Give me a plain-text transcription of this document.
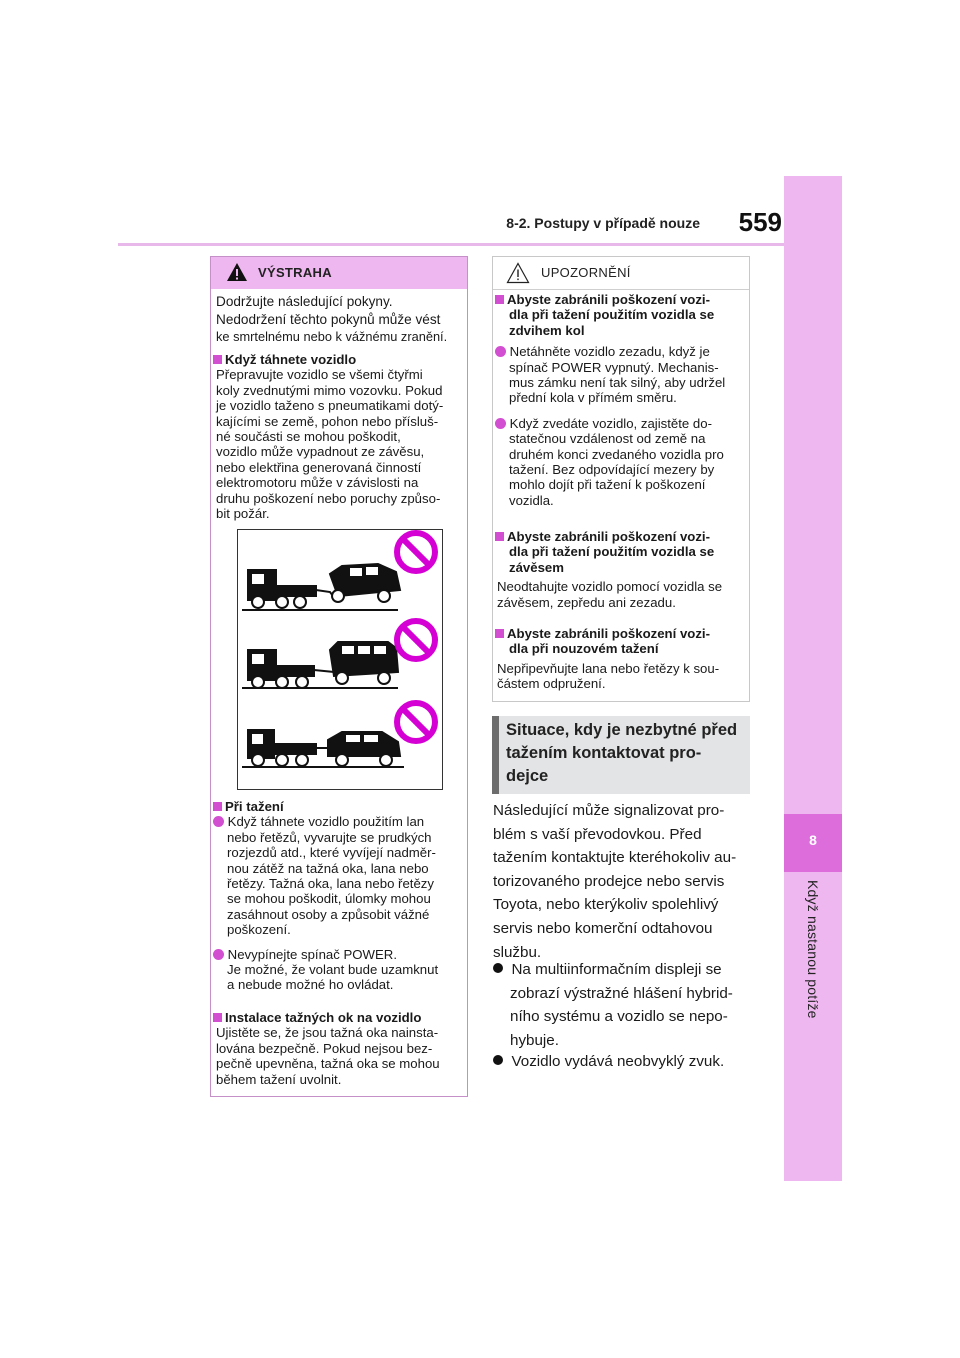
8-2. Postupy v případě nouze	559
8
Když nastanou potíže
VÝSTRAHA
Dodržujte následující pokyny.
Nedodržení těchto pokynů může vést
ke smrtelnému nebo k vážnému zranění.
Když táhnete vozidlo
Přepravujte vozidlo se všemi čtyřmi
koly zvednutými mimo vozovku. Pokud
je vozidlo taženo s pneumatikami dotý-
kajícími se země, pohon nebo přísluš-
né součásti se mohou poškodit,
vozidlo může vypadnout ze závěsu,
nebo elektřina generovaná činností
elektromotoru může v závislosti na
druhu poškození nebo poruchy způso-
bit požár.
Při tažení
Když táhnete vozidlo použitím lan
nebo řetězů, vyvarujte se prudkých
rozjezdů atd., které vyvíjejí nadměr-
nou zátěž na tažná oka, lana nebo
řetězy. Tažná oka, lana nebo řetězy
se mohou poškodit, úlomky mohou
zasáhnout osoby a způsobit vážné
poškození.
Nevypínejte spínač POWER.
Je možné, že volant bude uzamknut
a nebude možné ho ovládat.
Instalace tažných ok na vozidlo
Ujistěte se, že jsou tažná oka nainsta-
lována bezpečně. Pokud nejsou bez-
pečně upevněna, tažná oka se mohou
během tažení uvolnit.
UPOZORNĚNÍ
Abyste zabránili poškození vozi-
dla při tažení použitím vozidla se
zdvihem kol
Netáhněte vozidlo zezadu, když je
spínač POWER vypnutý. Mechanis-
mus zámku není tak silný, aby udržel
přední kola v přímém směru.
Když zvedáte vozidlo, zajistěte do-
statečnou vzdálenost od země na
druhém konci zvedaného vozidla pro
tažení. Bez odpovídající mezery by
mohlo dojít při tažení k poškození
vozidla.
Abyste zabránili poškození vozi-
dla při tažení použitím vozidla se
závěsem
Neodtahujte vozidlo pomocí vozidla se
závěsem, zepředu ani zezadu.
Abyste zabránili poškození vozi-
dla při nouzovém tažení
Nepřipevňujte lana nebo řetězy k sou-
částem odpružení.
Situace, kdy je nezbytné před
tažením kontaktovat pro-
dejce
Následující může signalizovat pro-
blém s vaší převodovkou. Před
tažením kontaktujte kteréhokoliv au-
torizovaného prodejce nebo servis
Toyota, nebo kterýkoliv spolehlivý
servis nebo komerční odtahovou
službu.
Na multiinformačním displeji se
zobrazí výstražné hlášení hybrid-
ního systému a vozidlo se nepo-
hybuje.
Vozidlo vydává neobvyklý zvuk.
